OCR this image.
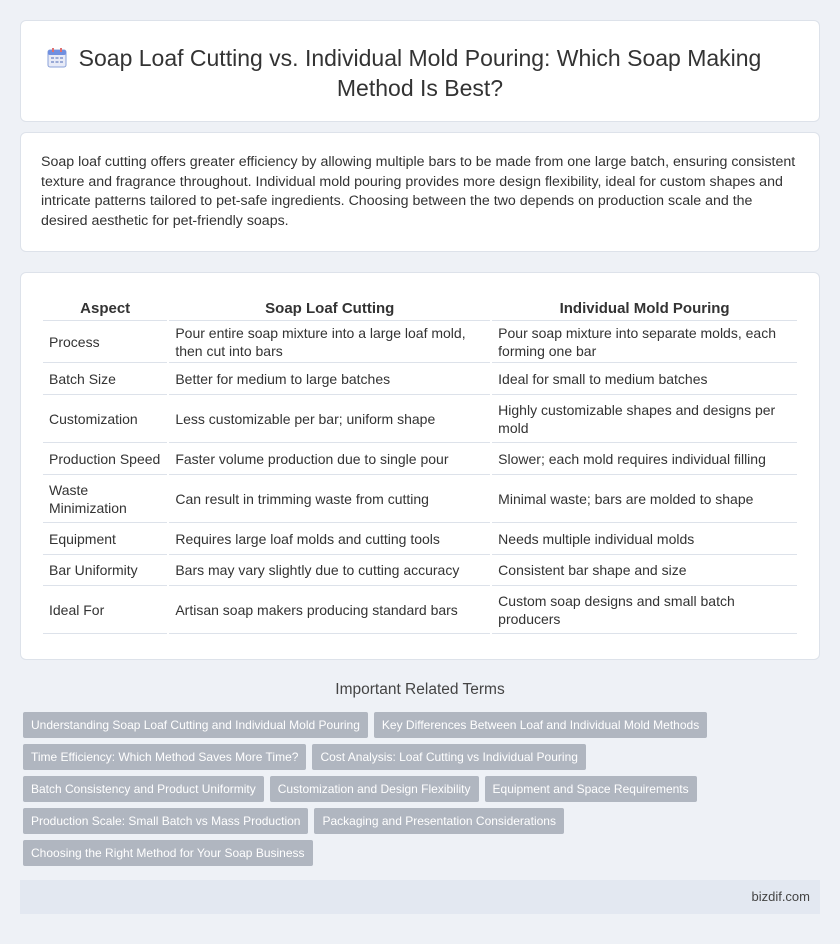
Soap Loaf Cutting vs. Individual Mold Pouring: Which Soap Making Method Is Best?

Soap loaf cutting offers greater efficiency by allowing multiple bars to be made from one large batch, ensuring consistent texture and fragrance throughout. Individual mold pouring provides more design flexibility, ideal for custom shapes and intricate patterns tailored to pet-safe ingredients. Choosing between the two depends on production scale and the desired aesthetic for pet-friendly soaps.

Aspect	Soap Loaf Cutting	Individual Mold Pouring
Process	Pour entire soap mixture into a large loaf mold, then cut into bars	Pour soap mixture into separate molds, each forming one bar
Batch Size	Better for medium to large batches	Ideal for small to medium batches
Customization	Less customizable per bar; uniform shape	Highly customizable shapes and designs per mold
Production Speed	Faster volume production due to single pour	Slower; each mold requires individual filling
Waste Minimization	Can result in trimming waste from cutting	Minimal waste; bars are molded to shape
Equipment	Requires large loaf molds and cutting tools	Needs multiple individual molds
Bar Uniformity	Bars may vary slightly due to cutting accuracy	Consistent bar shape and size
Ideal For	Artisan soap makers producing standard bars	Custom soap designs and small batch producers
Important Related Terms
Understanding Soap Loaf Cutting and Individual Mold Pouring Key Differences Between Loaf and Individual Mold Methods
Time Efficiency: Which Method Saves More Time? Cost Analysis: Loaf Cutting vs Individual Pouring
Batch Consistency and Product Uniformity Customization and Design Flexibility Equipment and Space Requirements
Production Scale: Small Batch vs Mass Production Packaging and Presentation Considerations
Choosing the Right Method for Your Soap Business
bizdif.com
